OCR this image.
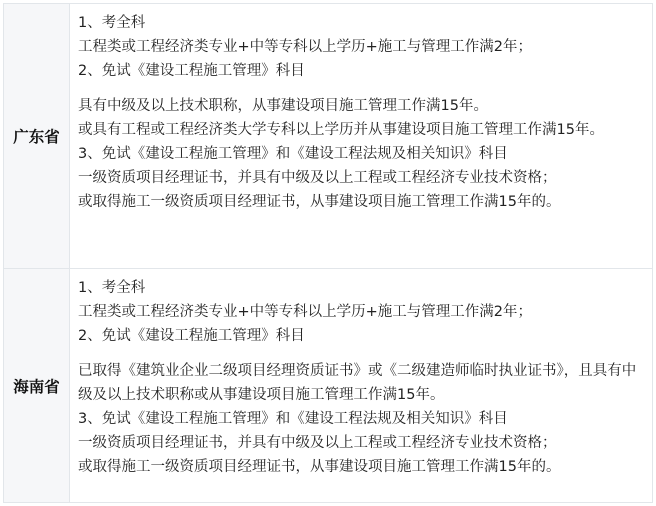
广东省
1、考全科
工程类或工程经济类专业+中等专科以上学历+施工与管理工作满2年；
2、免试《建设工程施工管理》科目
具有中级及以上技术职称，从事建设项目施工管理工作满15年。
或具有工程或工程经济类大学专科以上学历并从事建设项目施工管理工作满15年。
3、免试《建设工程施工管理》和《建设工程法规及相关知识》科目
一级资质项目经理证书，并具有中级及以上工程或工程经济专业技术资格；
或取得施工一级资质项目经理证书，从事建设项目施工管理工作满15年的。
海南省
1、考全科
工程类或工程经济类专业+中等专科以上学历+施工与管理工作满2年；
2、免试《建设工程施工管理》科目
已取得《建筑业企业二级项目经理资质证书》或《二级建造师临时执业证书》，且具有中级及以上技术职称或从事建设项目施工管理工作满15年。
3、免试《建设工程施工管理》和《建设工程法规及相关知识》科目
一级资质项目经理证书，并具有中级及以上工程或工程经济专业技术资格；
或取得施工一级资质项目经理证书，从事建设项目施工管理工作满15年的。
